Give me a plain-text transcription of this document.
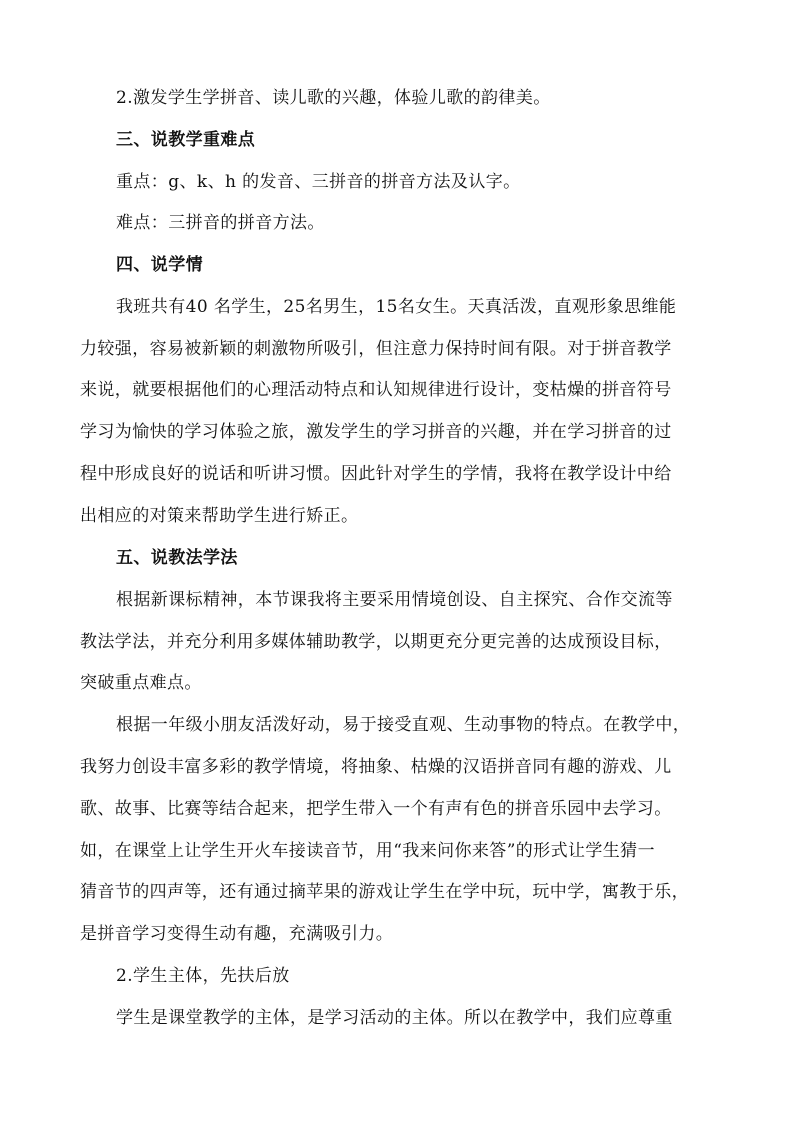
2.激发学生学拼音、读儿歌的兴趣，体验儿歌的韵律美。
三、说教学重难点
重点：g、k、h 的发音、三拼音的拼音方法及认字。
难点：三拼音的拼音方法。
四、说学情
我班共有40 名学生，25名男生，15名女生。天真活泼，直观形象思维能
力较强，容易被新颖的刺激物所吸引，但注意力保持时间有限。对于拼音教学
来说，就要根据他们的心理活动特点和认知规律进行设计，变枯燥的拼音符号
学习为愉快的学习体验之旅，激发学生的学习拼音的兴趣，并在学习拼音的过
程中形成良好的说话和听讲习惯。因此针对学生的学情，我将在教学设计中给
出相应的对策来帮助学生进行矫正。
五、说教法学法
根据新课标精神，本节课我将主要采用情境创设、自主探究、合作交流等
教法学法，并充分利用多媒体辅助教学，以期更充分更完善的达成预设目标，
突破重点难点。
根据一年级小朋友活泼好动，易于接受直观、生动事物的特点。在教学中，
我努力创设丰富多彩的教学情境，将抽象、枯燥的汉语拼音同有趣的游戏、儿
歌、故事、比赛等结合起来，把学生带入一个有声有色的拼音乐园中去学习。
如，在课堂上让学生开火车接读音节，用“我来问你来答”的形式让学生猜一
猜音节的四声等，还有通过摘苹果的游戏让学生在学中玩，玩中学，寓教于乐，
是拼音学习变得生动有趣，充满吸引力。
2.学生主体，先扶后放
学生是课堂教学的主体，是学习活动的主体。所以在教学中，我们应尊重
